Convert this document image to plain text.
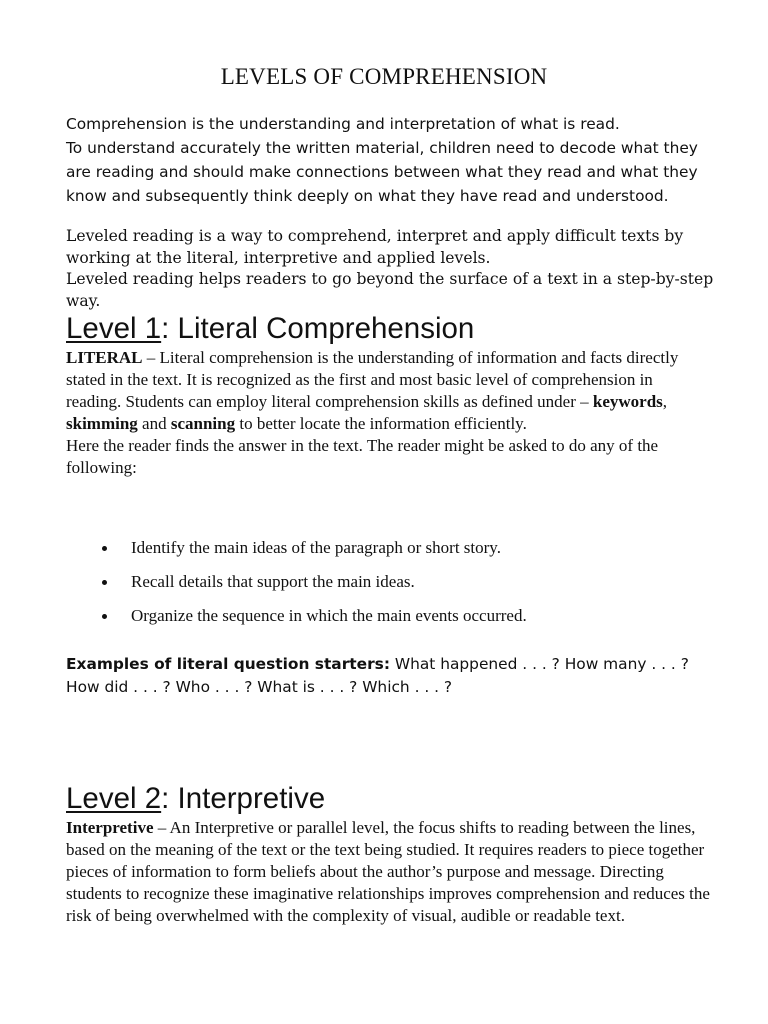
LEVELS OF COMPREHENSION

Comprehension is the understanding and interpretation of what is read.

To understand accurately the written material, children need to decode what they are reading and should make connections between what they read and what they know and subsequently think deeply on what they have read and understood.

Leveled reading is a way to comprehend, interpret and apply difficult texts by working at the literal, interpretive and applied levels.

Leveled reading helps readers to go beyond the surface of a text in a step-by-step way.

Level 1: Literal Comprehension

LITERAL – Literal comprehension is the understanding of information and facts directly stated in the text. It is recognized as the first and most basic level of comprehension in reading. Students can employ literal comprehension skills as defined under – keywords, skimming and scanning to better locate the information efficiently.

Here the reader finds the answer in the text. The reader might be asked to do any of the following:

Identify the main ideas of the paragraph or short story.
Recall details that support the main ideas.
Organize the sequence in which the main events occurred.

Examples of literal question starters: What happened . . . ? How many . . . ? How did . . . ? Who . . . ? What is . . . ? Which . . . ?

Level 2: Interpretive

Interpretive – An Interpretive or parallel level, the focus shifts to reading between the lines, based on the meaning of the text or the text being studied. It requires readers to piece together pieces of information to form beliefs about the author’s purpose and message. Directing students to recognize these imaginative relationships improves comprehension and reduces the risk of being overwhelmed with the complexity of visual, audible or readable text.
